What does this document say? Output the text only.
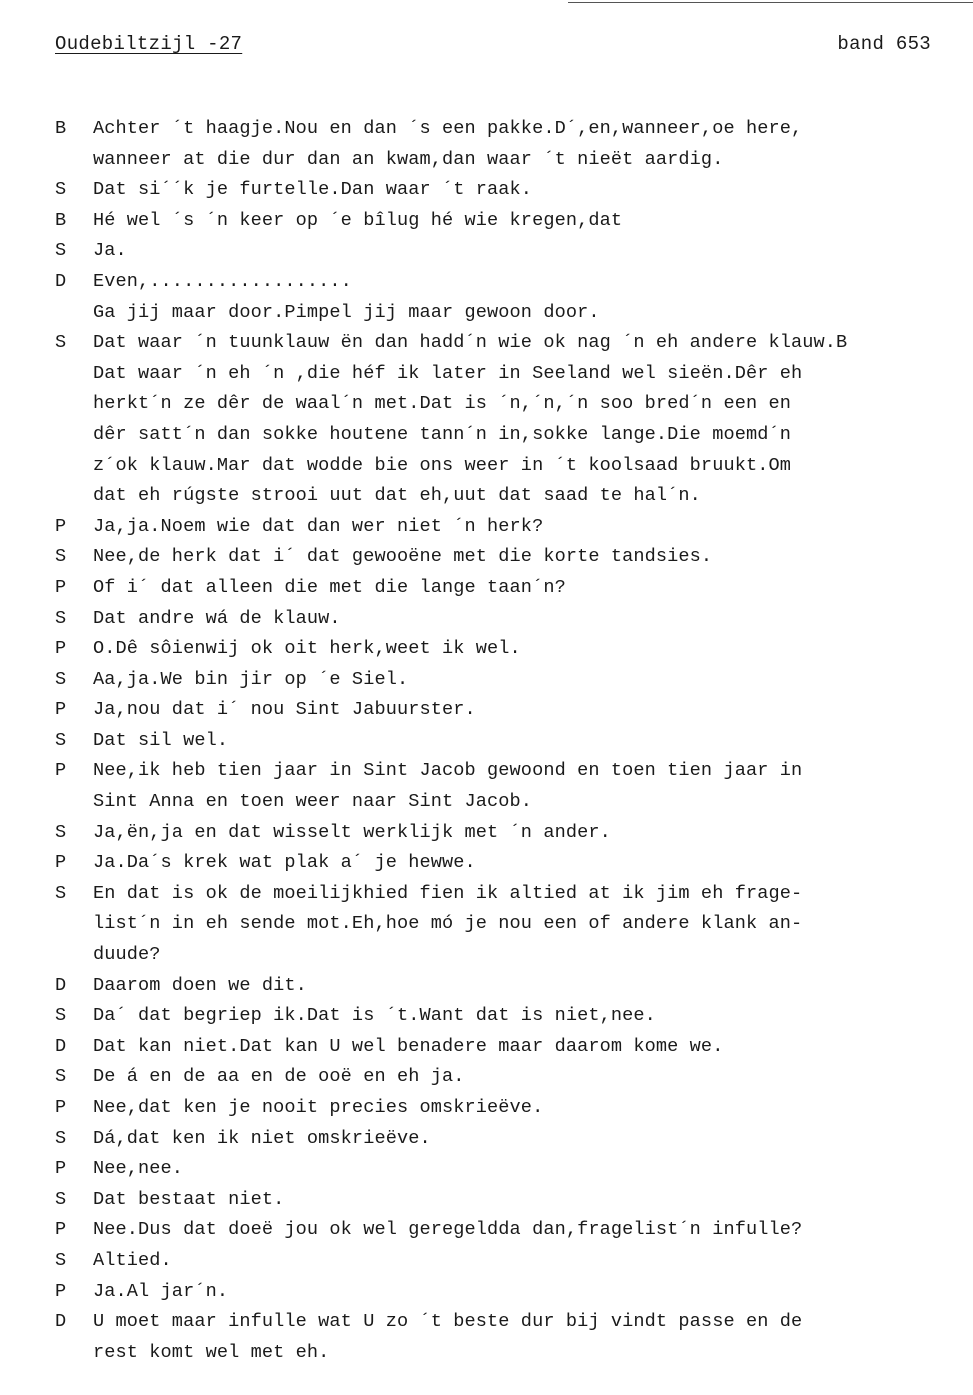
Oudebiltzijl -27	band 653
B Achter ´t haagje.Nou en dan ´s een pakke.D´,en,wanneer,oe here,
wanneer at die dur dan an kwam,dan waar ´t nieët aardig.
S Dat si´´k je furtelle.Dan waar ´t raak.
B Hé wel ´s ´n keer op ´e bîlug hé wie kregen,dat
S Ja.
D Even,..................
Ga jij maar door.Pimpel jij maar gewoon door.
S Dat waar ´n tuunklauw ën dan hadd´n wie ok nag ´n eh andere klauw.B
Dat waar ´n eh ´n ,die héf ik later in Seeland wel sieën.Dêr eh
herkt´n ze dêr de waal´n met.Dat is ´n,´n,´n soo bred´n een en
dêr satt´n dan sokke houtene tann´n in,sokke lange.Die moemd´n
z´ok klauw.Mar dat wodde bie ons weer in ´t koolsaad bruukt.Om
dat eh rúgste strooi uut dat eh,uut dat saad te hal´n.
P Ja,ja.Noem wie dat dan wer niet ´n herk?
S Nee,de herk dat i´ dat gewooëne met die korte tandsies.
P Of i´ dat alleen die met die lange taan´n?
S Dat andre wá de klauw.
P O.Dê sôienwij ok oit herk,weet ik wel.
S Aa,ja.We bin jir op ´e Siel.
P Ja,nou dat i´ nou Sint Jabuurster.
S Dat sil wel.
P Nee,ik heb tien jaar in Sint Jacob gewoond en toen tien jaar in
Sint Anna en toen weer naar Sint Jacob.
S Ja,ën,ja en dat wisselt werklijk met ´n ander.
P Ja.Da´s krek wat plak a´ je hewwe.
S En dat is ok de moeilijkhied fien ik altied at ik jim eh frage-
list´n in eh sende mot.Eh,hoe mó je nou een of andere klank an-
duude?
D Daarom doen we dit.
S Da´ dat begriep ik.Dat is ´t.Want dat is niet,nee.
D Dat kan niet.Dat kan U wel benadere maar daarom kome we.
S De á en de aa en de ooë en eh ja.
P Nee,dat ken je nooit precies omskrieëve.
S Dá,dat ken ik niet omskrieëve.
P Nee,nee.
S Dat bestaat niet.
P Nee.Dus dat doeë jou ok wel geregeldda dan,fragelist´n infulle?
S Altied.
P Ja.Al jar´n.
D U moet maar infulle wat U zo ´t beste dur bij vindt passe en de
rest komt wel met eh.
